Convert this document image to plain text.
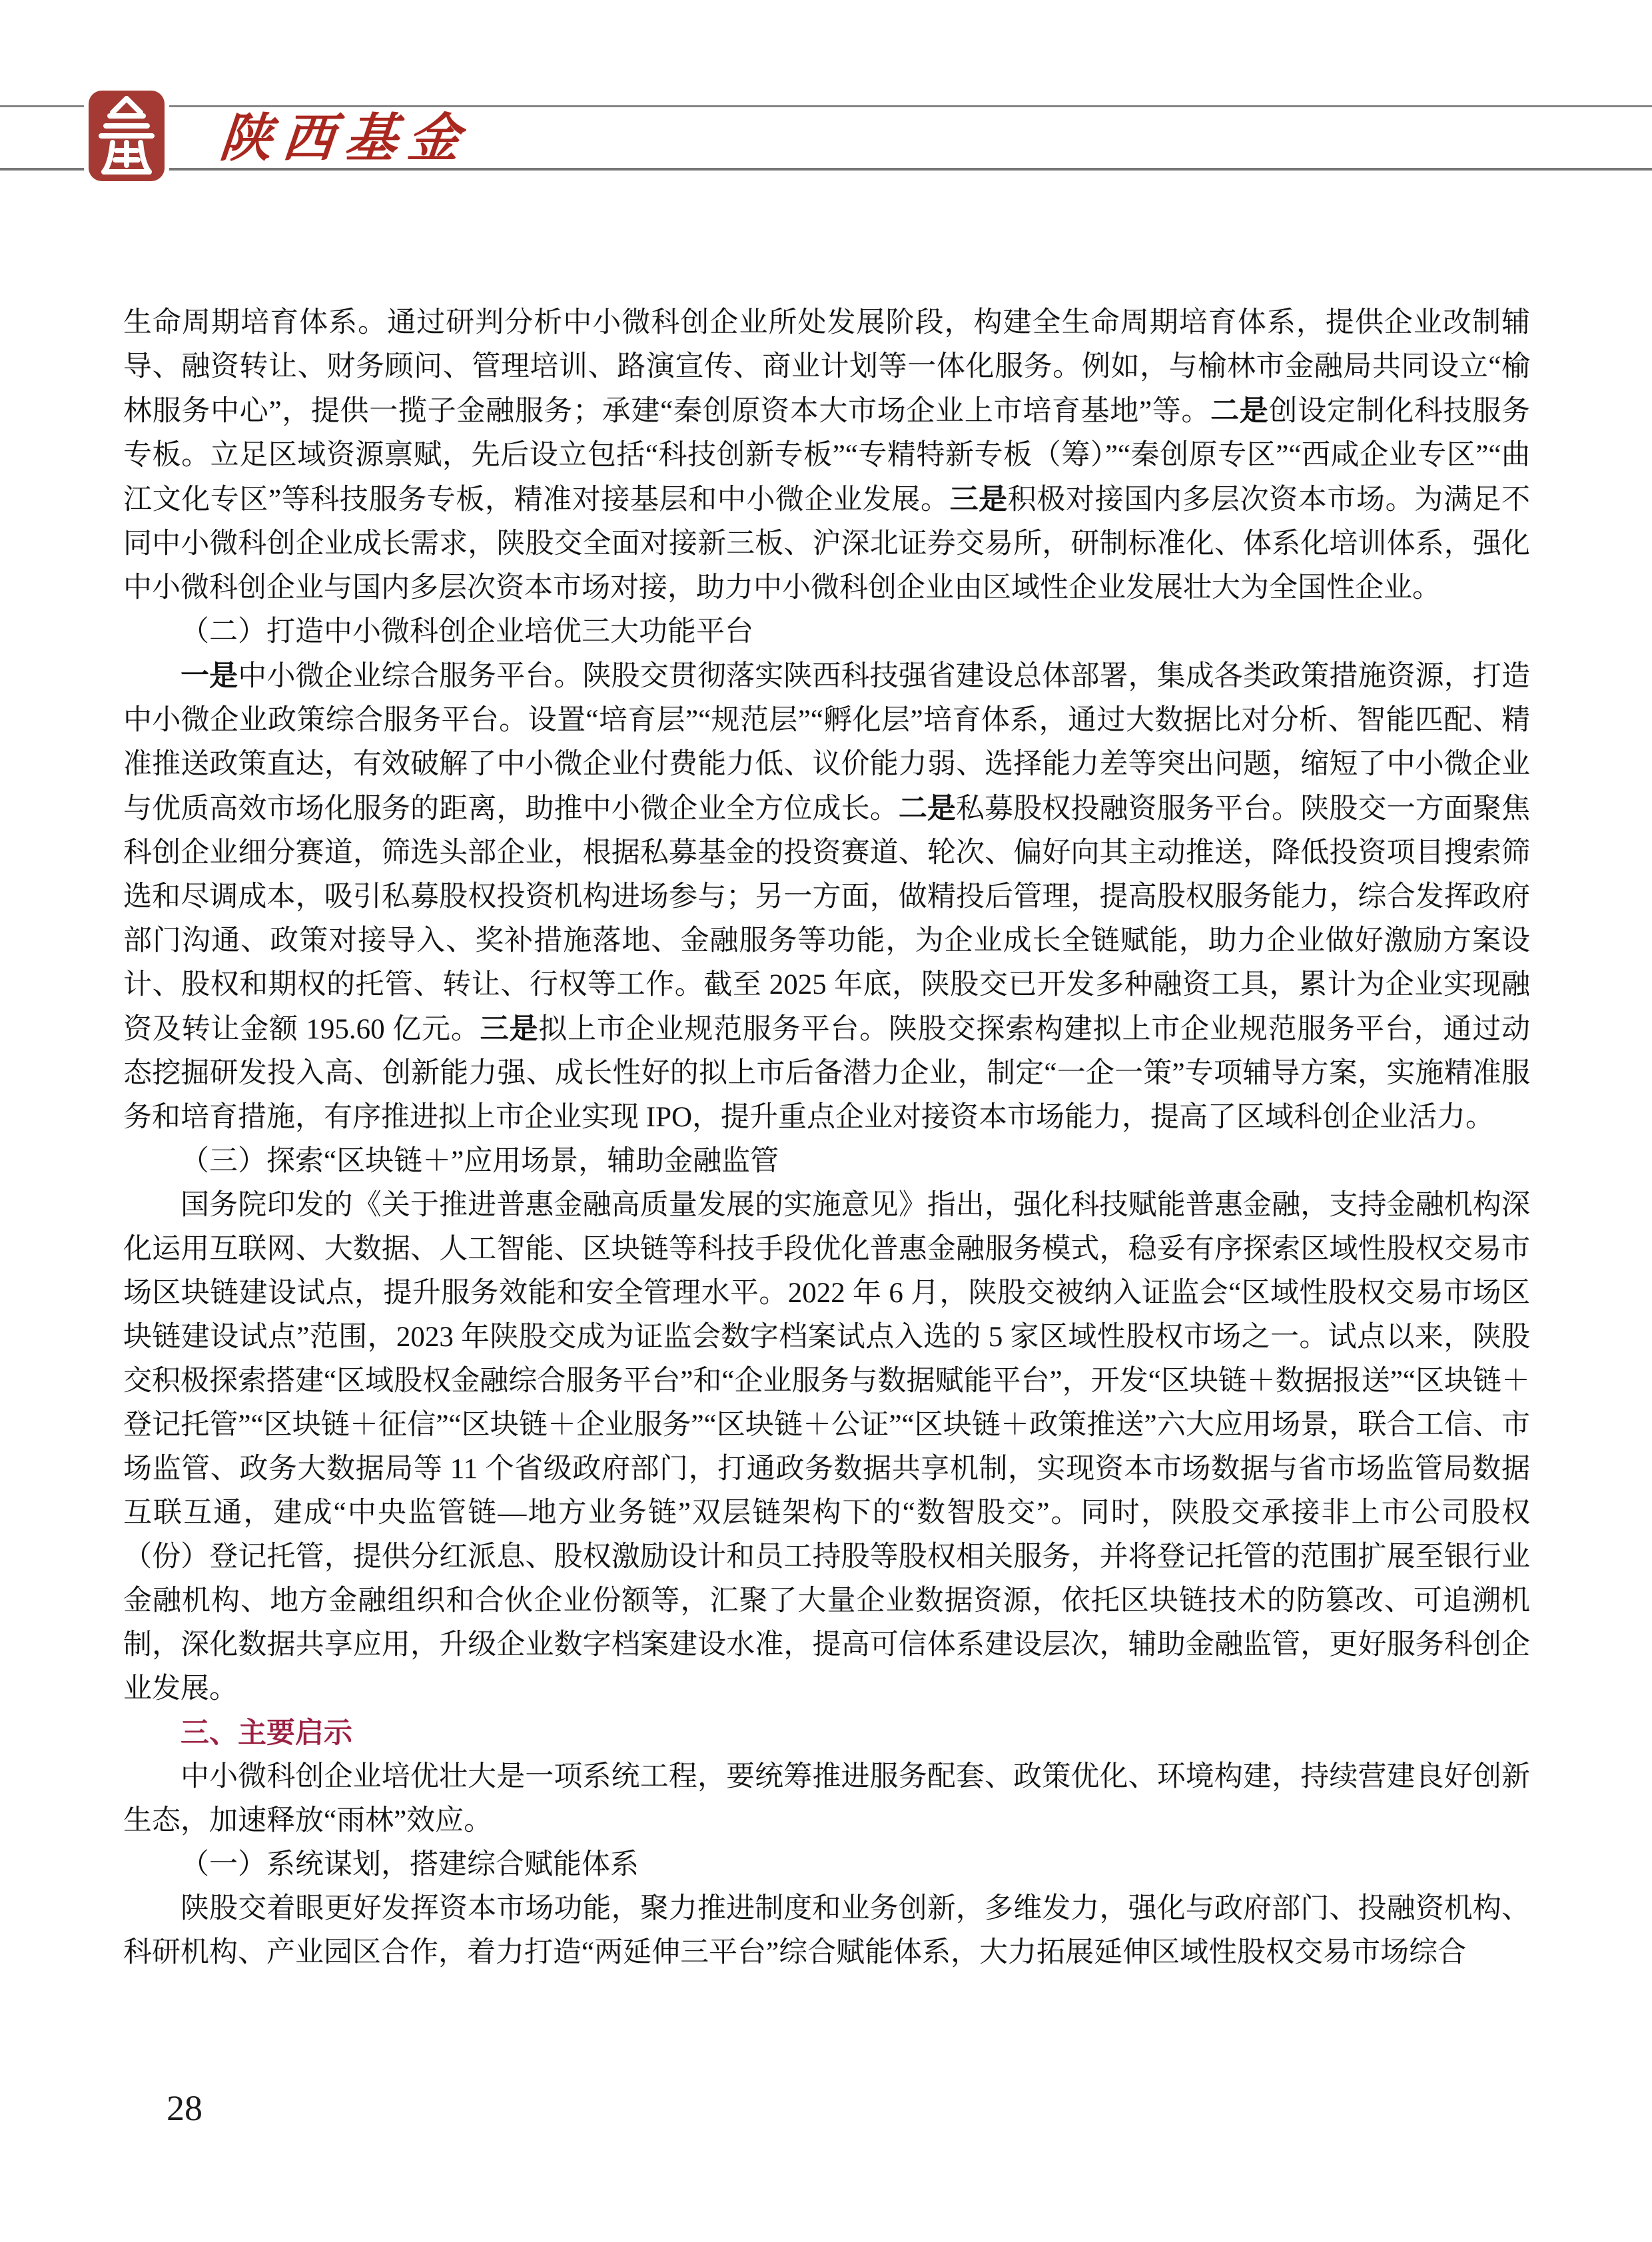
陕西基金

生命周期培育体系。通过研判分析中小微科创企业所处发展阶段，构建全生命周期培育体系，提供企业改制辅导、融资转让、财务顾问、管理培训、路演宣传、商业计划等一体化服务。例如，与榆林市金融局共同设立“榆林服务中心”，提供一揽子金融服务；承建“秦创原资本大市场企业上市培育基地”等。二是创设定制化科技服务专板。立足区域资源禀赋，先后设立包括“科技创新专板”“专精特新专板（筹）”“秦创原专区”“西咸企业专区”“曲江文化专区”等科技服务专板，精准对接基层和中小微企业发展。三是积极对接国内多层次资本市场。为满足不同中小微科创企业成长需求，陕股交全面对接新三板、沪深北证券交易所，研制标准化、体系化培训体系，强化中小微科创企业与国内多层次资本市场对接，助力中小微科创企业由区域性企业发展壮大为全国性企业。

（二）打造中小微科创企业培优三大功能平台

一是中小微企业综合服务平台。陕股交贯彻落实陕西科技强省建设总体部署，集成各类政策措施资源，打造中小微企业政策综合服务平台。设置“培育层”“规范层”“孵化层”培育体系，通过大数据比对分析、智能匹配、精准推送政策直达，有效破解了中小微企业付费能力低、议价能力弱、选择能力差等突出问题，缩短了中小微企业与优质高效市场化服务的距离，助推中小微企业全方位成长。二是私募股权投融资服务平台。陕股交一方面聚焦科创企业细分赛道，筛选头部企业，根据私募基金的投资赛道、轮次、偏好向其主动推送，降低投资项目搜索筛选和尽调成本，吸引私募股权投资机构进场参与；另一方面，做精投后管理，提高股权服务能力，综合发挥政府部门沟通、政策对接导入、奖补措施落地、金融服务等功能，为企业成长全链赋能，助力企业做好激励方案设计、股权和期权的托管、转让、行权等工作。截至 2025 年底，陕股交已开发多种融资工具，累计为企业实现融资及转让金额 195.60 亿元。三是拟上市企业规范服务平台。陕股交探索构建拟上市企业规范服务平台，通过动态挖掘研发投入高、创新能力强、成长性好的拟上市后备潜力企业，制定“一企一策”专项辅导方案，实施精准服务和培育措施，有序推进拟上市企业实现 IPO，提升重点企业对接资本市场能力，提高了区域科创企业活力。

（三）探索“区块链＋”应用场景，辅助金融监管

国务院印发的《关于推进普惠金融高质量发展的实施意见》指出，强化科技赋能普惠金融，支持金融机构深化运用互联网、大数据、人工智能、区块链等科技手段优化普惠金融服务模式，稳妥有序探索区域性股权交易市场区块链建设试点，提升服务效能和安全管理水平。2022 年 6 月，陕股交被纳入证监会“区域性股权交易市场区块链建设试点”范围，2023 年陕股交成为证监会数字档案试点入选的 5 家区域性股权市场之一。试点以来，陕股交积极探索搭建“区域股权金融综合服务平台”和“企业服务与数据赋能平台”，开发“区块链＋数据报送”“区块链＋登记托管”“区块链＋征信”“区块链＋企业服务”“区块链＋公证”“区块链＋政策推送”六大应用场景，联合工信、市场监管、政务大数据局等 11 个省级政府部门，打通政务数据共享机制，实现资本市场数据与省市场监管局数据互联互通，建成“中央监管链—地方业务链”双层链架构下的“数智股交”。同时，陕股交承接非上市公司股权（份）登记托管，提供分红派息、股权激励设计和员工持股等股权相关服务，并将登记托管的范围扩展至银行业金融机构、地方金融组织和合伙企业份额等，汇聚了大量企业数据资源，依托区块链技术的防篡改、可追溯机制，深化数据共享应用，升级企业数字档案建设水准，提高可信体系建设层次，辅助金融监管，更好服务科创企业发展。

三、主要启示

中小微科创企业培优壮大是一项系统工程，要统筹推进服务配套、政策优化、环境构建，持续营建良好创新生态，加速释放“雨林”效应。

（一）系统谋划，搭建综合赋能体系

陕股交着眼更好发挥资本市场功能，聚力推进制度和业务创新，多维发力，强化与政府部门、投融资机构、科研机构、产业园区合作，着力打造“两延伸三平台”综合赋能体系，大力拓展延伸区域性股权交易市场综合

28
